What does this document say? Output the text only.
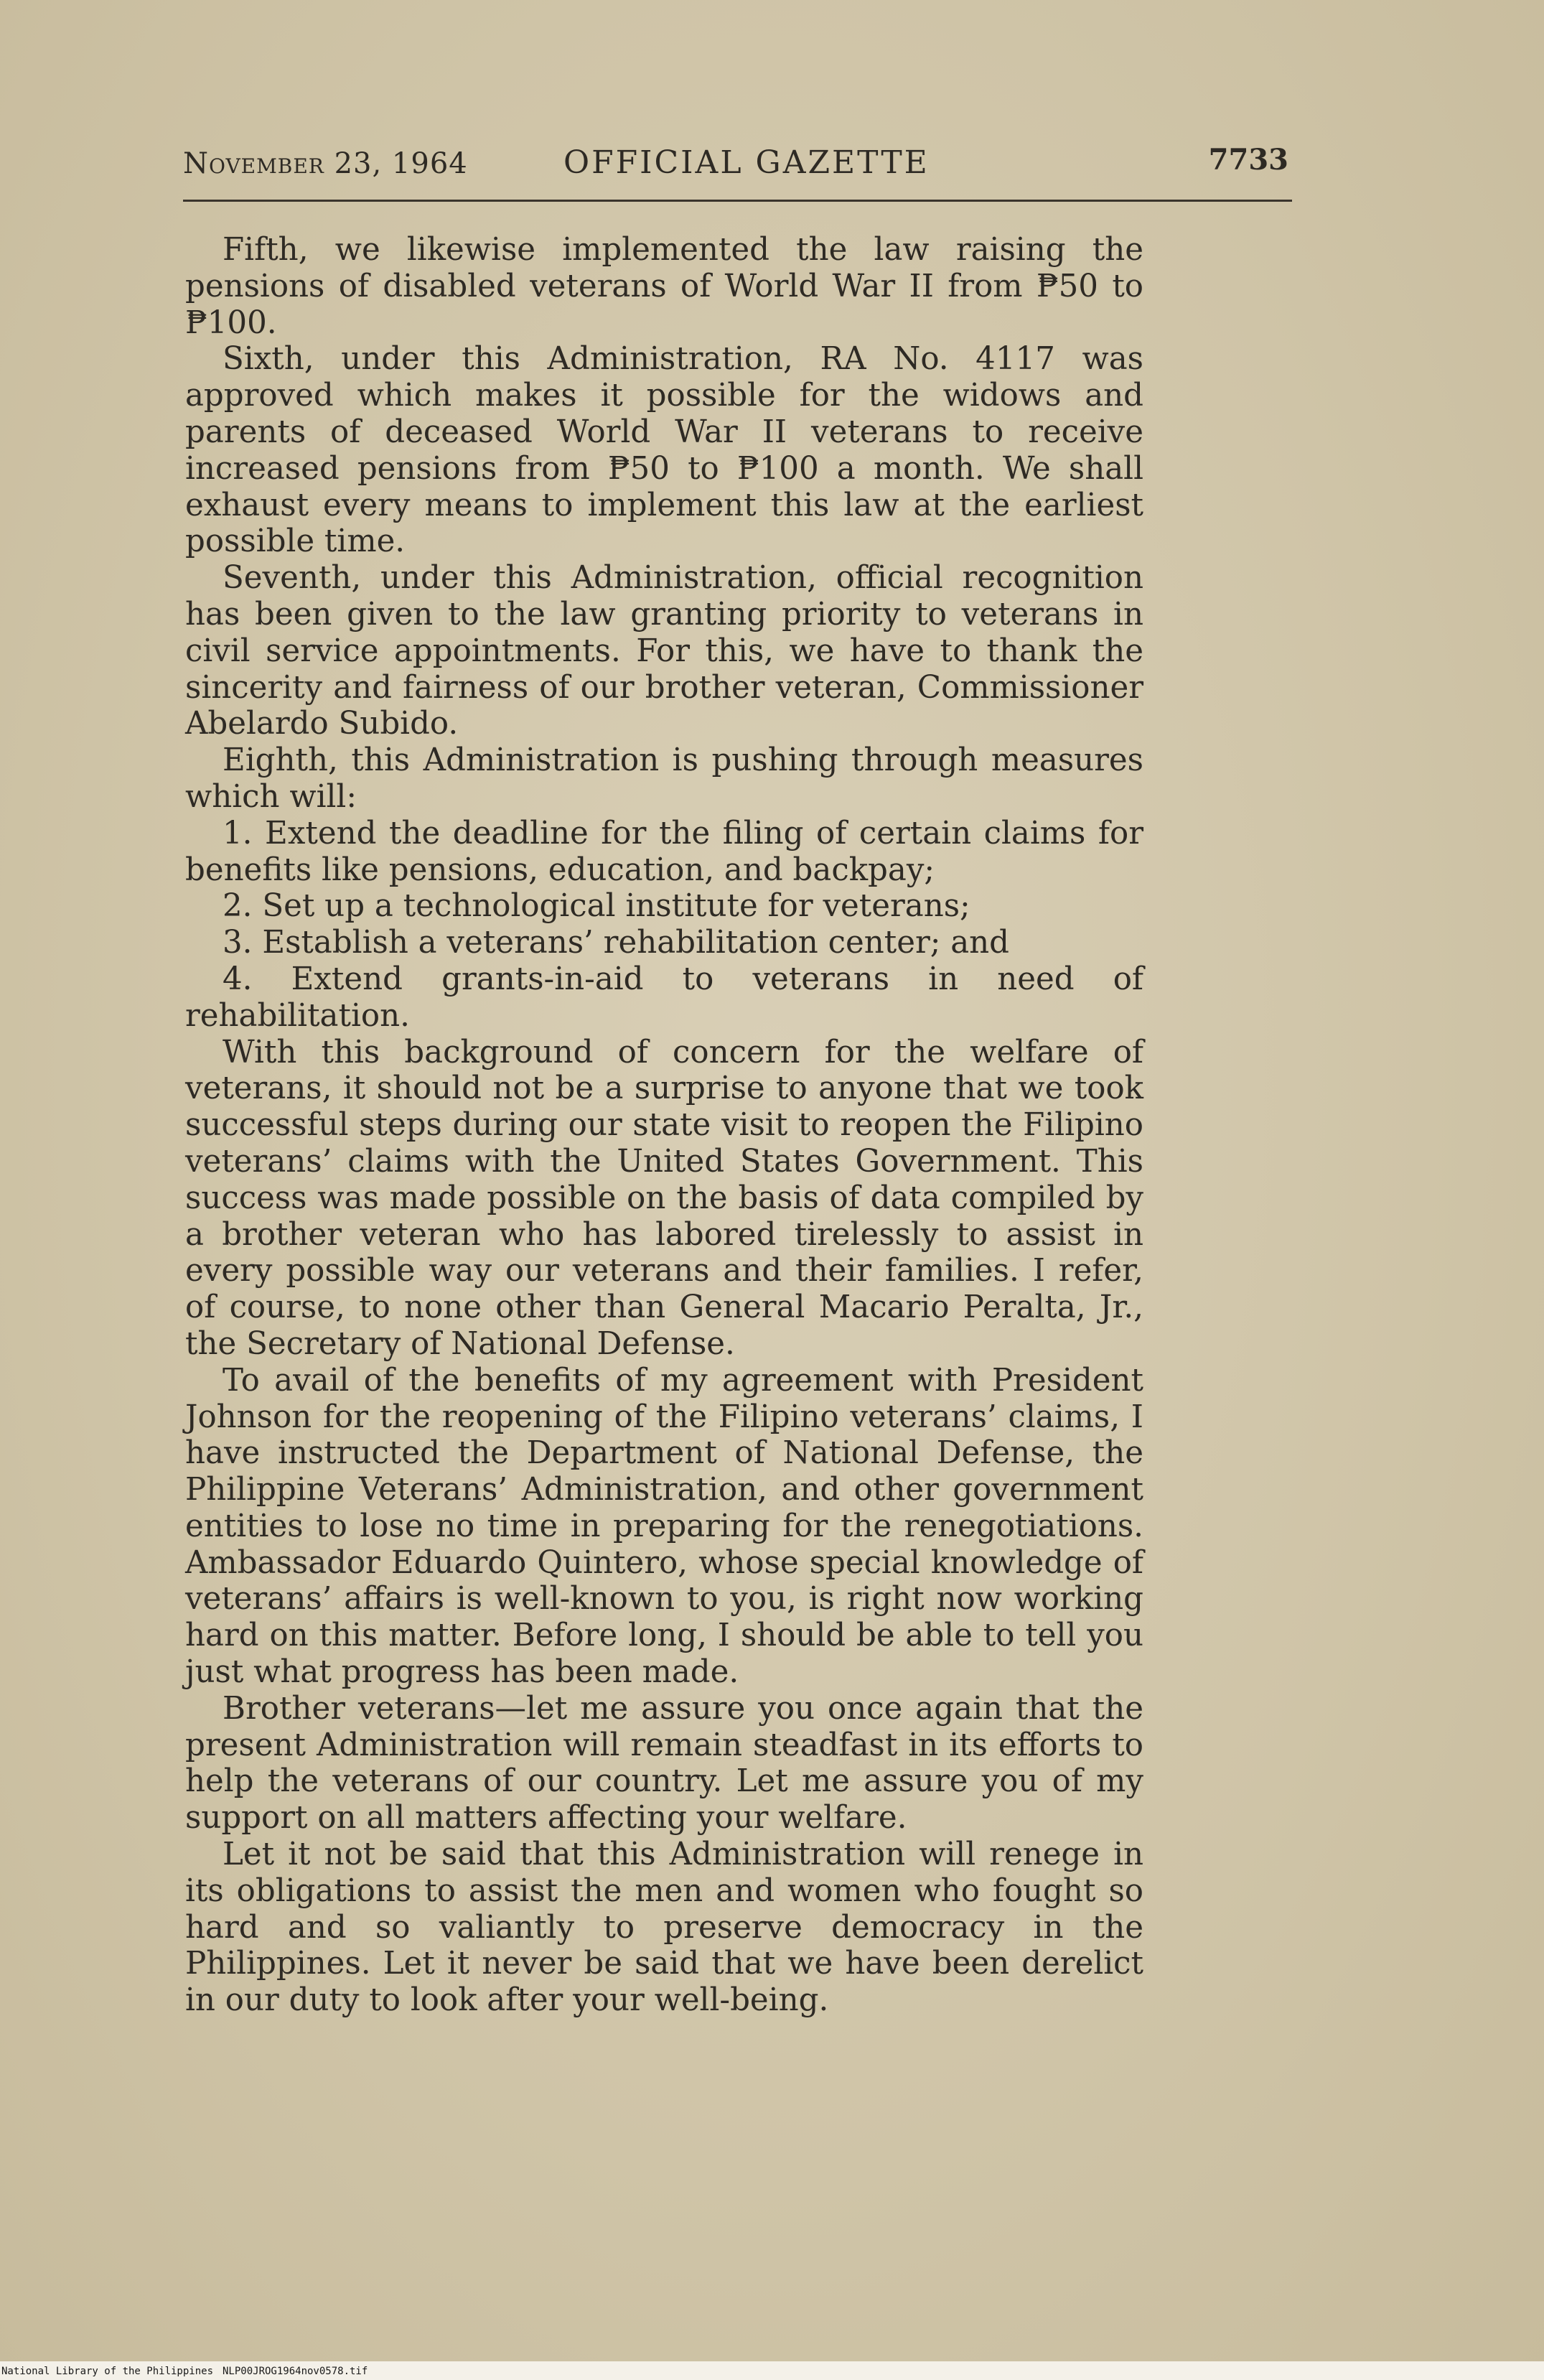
November 23, 1964	OFFICIAL GAZETTE	7733

Fifth, we likewise implemented the law raising the pensions of disabled veterans of World War II from ₱50 to ₱100.

Sixth, under this Administration, RA No. 4117 was approved which makes it possible for the widows and parents of deceased World War II veterans to receive increased pensions from ₱50 to ₱100 a month. We shall exhaust every means to implement this law at the earliest possible time.

Seventh, under this Administration, official recognition has been given to the law granting priority to veterans in civil service appointments. For this, we have to thank the sincerity and fairness of our brother veteran, Commissioner Abelardo Subido.

Eighth, this Administration is pushing through measures which will:

1. Extend the deadline for the filing of certain claims for benefits like pensions, education, and backpay;

2. Set up a technological institute for veterans;

3. Establish a veterans’ rehabilitation center; and

4. Extend grants-in-aid to veterans in need of rehabilitation.

With this background of concern for the welfare of veterans, it should not be a surprise to anyone that we took successful steps during our state visit to reopen the Filipino veterans’ claims with the United States Government. This success was made possible on the basis of data compiled by a brother veteran who has labored tirelessly to assist in every possible way our veterans and their families. I refer, of course, to none other than General Macario Peralta, Jr., the Secretary of National Defense.

To avail of the benefits of my agreement with President Johnson for the reopening of the Filipino veterans’ claims, I have instructed the Department of National Defense, the Philippine Veterans’ Administration, and other government entities to lose no time in preparing for the renegotiations. Ambassador Eduardo Quintero, whose special knowledge of veterans’ affairs is well-known to you, is right now working hard on this matter. Before long, I should be able to tell you just what progress has been made.

Brother veterans—let me assure you once again that the present Administration will remain steadfast in its efforts to help the veterans of our country. Let me assure you of my support on all matters affecting your welfare.

Let it not be said that this Administration will renege in its obligations to assist the men and women who fought so hard and so valiantly to preserve democracy in the Philippines. Let it never be said that we have been derelict in our duty to look after your well-being.

National Library of the Philippines NLP00JROG1964nov0578.tif
